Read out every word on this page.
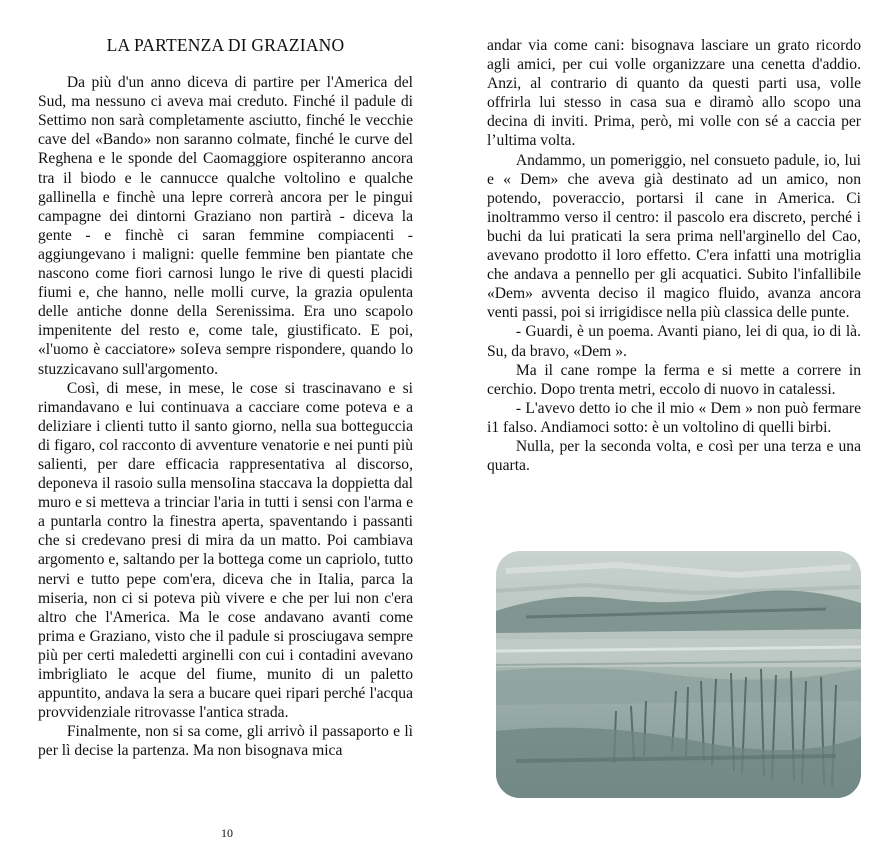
LA PARTENZA DI GRAZIANO

Da più d'un anno diceva di partire per l'America del Sud, ma nessuno ci aveva mai creduto. Finché il padule di Settimo non sarà completamente asciutto, finché le vecchie cave del «Bando» non saranno colmate, finché le curve del Reghena e le sponde del Caomaggiore ospiteranno ancora tra il biodo e le cannucce qualche voltolino e qualche gallinella e finchè una lepre correrà ancora per le pingui campagne dei dintorni Graziano non partirà - diceva la gente - e finchè ci saran femmine compiacenti - aggiungevano i maligni: quelle femmine ben piantate che nascono come fiori carnosi lungo le rive di questi placidi fiumi e, che hanno, nelle molli curve, la grazia opulenta delle antiche donne della Serenissima. Era uno scapolo impenitente del resto e, come tale, giustificato. E poi, «l'uomo è cacciatore» soIeva sempre rispondere, quando lo stuzzicavano sull'argomento.

Così, di mese, in mese, le cose si trascinavano e si rimandavano e lui continuava a cacciare come poteva e a deliziare i clienti tutto il santo giorno, nella sua botteguccia di figaro, col racconto di avventure venatorie e nei punti più salienti, per dare efficacia rappresentativa al discorso, deponeva il rasoio sulla mensoIina staccava la doppietta dal muro e si metteva a trinciar l'aria in tutti i sensi con l'arma e a puntarla contro la finestra aperta, spaventando i passanti che si credevano presi di mira da un matto. Poi cambiava argomento e, saltando per la bottega come un capriolo, tutto nervi e tutto pepe com'era, diceva che in Italia, parca la miseria, non ci si poteva più vivere e che per lui non c'era altro che l'America. Ma le cose andavano avanti come prima e Graziano, visto che il padule si prosciugava sempre più per certi maledetti arginelli con cui i contadini avevano imbrigliato le acque del fiume, munito di un paletto appuntito, andava la sera a bucare quei ripari perché l'acqua provvidenziale ritrovasse l'antica strada.

Finalmente, non si sa come, gli arrivò il passaporto e lì per lì decise la partenza. Ma non bisognava mica

10

andar via come cani: bisognava lasciare un grato ricordo agli amici, per cui volle organizzare una cenetta d'addio. Anzi, al contrario di quanto da questi parti usa, volle offrirla lui stesso in casa sua e diramò allo scopo una decina di inviti. Prima, però, mi volle con sé a caccia per l’ultima volta.

Andammo, un pomeriggio, nel consueto padule, io, lui e « Dem» che aveva già destinato ad un amico, non potendo, poveraccio, portarsi il cane in America. Ci inoltrammo verso il centro: il pascolo era discreto, perché i buchi da lui praticati la sera prima nell'arginello del Cao, avevano prodotto il loro effetto. C'era infatti una motriglia che andava a pennello per gli acquatici. Subito l'infallibile «Dem» avventa deciso il magico fluido, avanza ancora venti passi, poi si irrigidisce nella più classica delle punte.

- Guardi, è un poema. Avanti piano, lei di qua, io di là. Su, da bravo, «Dem ».

Ma il cane rompe la ferma e si mette a correre in cerchio. Dopo trenta metri, eccolo di nuovo in catalessi.

- L'avevo detto io che il mio « Dem » non può fermare i1 falso. Andiamoci sotto: è un voltolino di quelli birbi.

Nulla, per la seconda volta, e così per una terza e una quarta.
